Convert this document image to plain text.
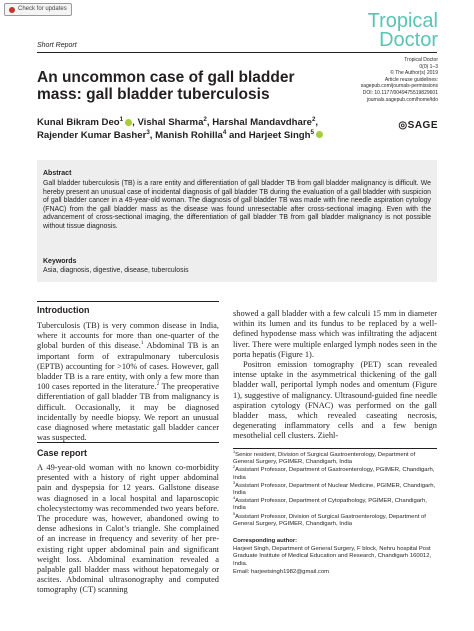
Check for updates
Tropical Doctor
Short Report
Tropical Doctor
0(0) 1–3
© The Author(s) 2019
Article reuse guidelines:
sagepub.com/journals-permissions
DOI: 10.1177/0049475519829601
journals.sagepub.com/home/tdo
◎SAGE
An uncommon case of gall bladder mass: gall bladder tuberculosis
Kunal Bikram Deo$^1$ , Vishal Sharma$^2$, Harshal Mandavdhare$^2$,
Rajender Kumar Basher$^3$, Manish Rohilla$^4$ and Harjeet Singh$^5$
Abstract
Gall bladder tuberculosis (TB) is a rare entity and differentiation of gall bladder TB from gall bladder malignancy is difficult. We hereby present an unusual case of incidental diagnosis of gall bladder TB during the evaluation of a gall bladder with suspicion of gall bladder cancer in a 49-year-old woman. The diagnosis of gall bladder TB was made with fine needle aspiration cytology (FNAC) from the gall bladder mass as the disease was found unresectable after cross-sectional imaging. Even with the advancement of cross-sectional imaging, the differentiation of gall bladder TB from gall bladder malignancy is not possible without tissue diagnosis.
Keywords
Asia, diagnosis, digestive, disease, tuberculosis
Introduction

Tuberculosis (TB) is very common disease in India, where it accounts for more than one-quarter of the global burden of this disease.$^1$ Abdominal TB is an important form of extrapulmonary tuberculosis (EPTB) accounting for >10% of cases. However, gall bladder TB is a rare entity, with only a few more than 100 cases reported in the literature.$^2$ The preoperative differentiation of gall bladder TB from malignancy is difficult. Occasionally, it may be diagnosed incidentally by needle biopsy. We report an unusual case diagnosed where metastatic gall bladder cancer was suspected.

Case report

A 49-year-old woman with no known co-morbidity presented with a history of right upper abdominal pain and dyspepsia for 12 years. Gallstone disease was diagnosed in a local hospital and laparoscopic cholecystectomy was recommended two years before. The procedure was, however, abandoned owing to dense adhesions in Calot’s triangle. She complained of an increase in frequency and severity of her pre-existing right upper abdominal pain and significant weight loss. Abdominal examination revealed a palpable gall bladder mass without hepatomegaly or ascites. Abdominal ultrasonography and computed tomography (CT) scanning

showed a gall bladder with a few calculi 15 mm in diameter within its lumen and its fundus to be replaced by a well-defined hypodense mass which was infiltrating the adjacent liver. There were multiple enlarged lymph nodes seen in the porta hepatis (Figure 1).

Positron emission tomography (PET) scan revealed intense uptake in the asymmetrical thickening of the gall bladder wall, periportal lymph nodes and omentum (Figure 1), suggestive of malignancy. Ultrasound-guided fine needle aspiration cytology (FNAC) was performed on the gall bladder mass, which revealed caseating necrosis, degenerating inflammatory cells and a few benign mesothelial cell clusters. Ziehl-

$^1$Senior resident, Division of Surgical Gastroenterology, Department of General Surgery, PGIMER, Chandigarh, India

$^2$Assistant Professor, Department of Gastroenterology, PGIMER, Chandigarh, India

$^3$Assistant Professor, Department of Nuclear Medicine, PGIMER, Chandigarh, India

$^4$Assistant Professor, Department of Cytopathology, PGIMER, Chandigarh, India

$^5$Assistant Professor, Division of Surgical Gastroenterology, Department of General Surgery, PGIMER, Chandigarh, India

Corresponding author:

Harjeet Singh, Department of General Surgery, F block, Nehru hospital Post Graduate Institute of Medical Education and Research, Chandigarh 160012, India.

Email: harjeetsingh1982@gmail.com
